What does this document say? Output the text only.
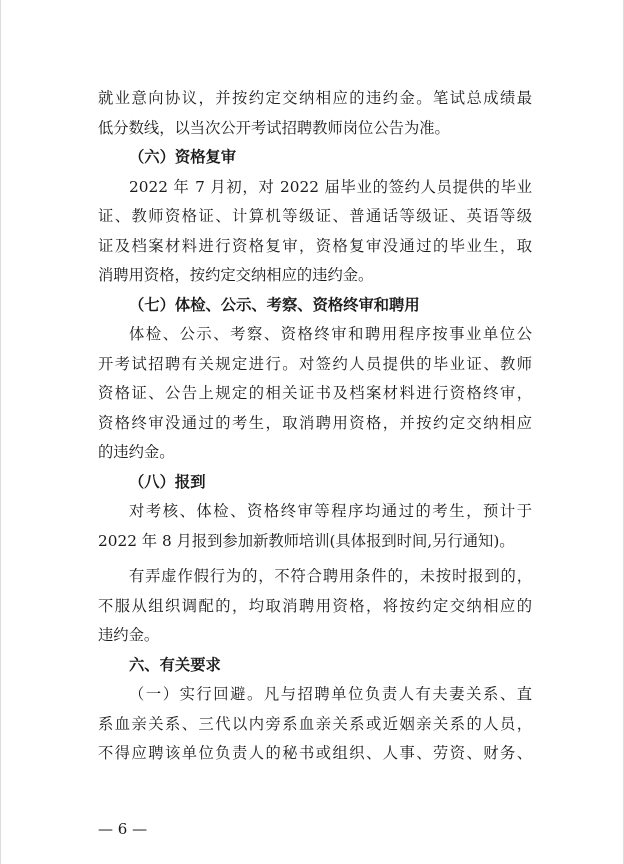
就业意向协议，并按约定交纳相应的违约金。笔试总成绩最
低分数线，以当次公开考试招聘教师岗位公告为准。
（六）资格复审
2022 年 7 月初，对 2022 届毕业的签约人员提供的毕业
证、教师资格证、计算机等级证、普通话等级证、英语等级
证及档案材料进行资格复审，资格复审没通过的毕业生，取
消聘用资格，按约定交纳相应的违约金。
（七）体检、公示、考察、资格终审和聘用
体检、公示、考察、资格终审和聘用程序按事业单位公
开考试招聘有关规定进行。对签约人员提供的毕业证、教师
资格证、公告上规定的相关证书及档案材料进行资格终审，
资格终审没通过的考生，取消聘用资格，并按约定交纳相应
的违约金。
（八）报到
对考核、体检、资格终审等程序均通过的考生，预计于
2022 年 8 月报到参加新教师培训(具体报到时间,另行通知)。
有弄虚作假行为的，不符合聘用条件的，未按时报到的，
不服从组织调配的，均取消聘用资格，将按约定交纳相应的
违约金。
六、有关要求
（一）实行回避。凡与招聘单位负责人有夫妻关系、直
系血亲关系、三代以内旁系血亲关系或近姻亲关系的人员，
不得应聘该单位负责人的秘书或组织、人事、劳资、财务、
— 6 —
